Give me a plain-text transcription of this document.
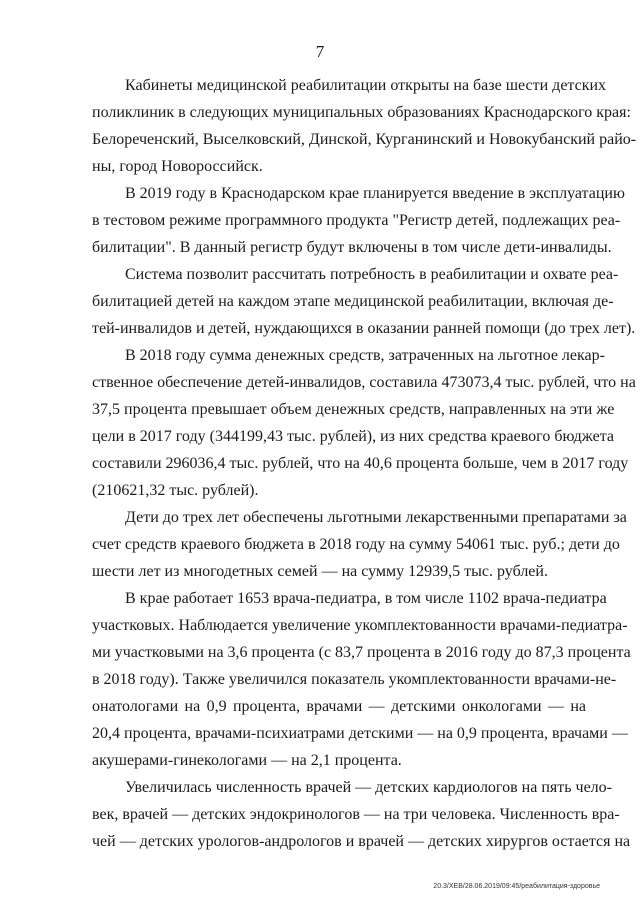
7
Кабинеты медицинской реабилитации открыты на базе шести детских
поликлиник в следующих муниципальных образованиях Краснодарского края:
Белореченский, Выселковский, Динской, Курганинский и Новокубанский райо-
ны, город Новороссийск.
В 2019 году в Краснодарском крае планируется введение в эксплуатацию
в тестовом режиме программного продукта "Регистр детей, подлежащих реа-
билитации". В данный регистр будут включены в том числе дети-инвалиды.
Система позволит рассчитать потребность в реабилитации и охвате реа-
билитацией детей на каждом этапе медицинской реабилитации, включая де-
тей-инвалидов и детей, нуждающихся в оказании ранней помощи (до трех лет).
В 2018 году сумма денежных средств, затраченных на льготное лекар-
ственное обеспечение детей-инвалидов, составила 473073,4 тыс. рублей, что на
37,5 процента превышает объем денежных средств, направленных на эти же
цели в 2017 году (344199,43 тыс. рублей), из них средства краевого бюджета
составили 296036,4 тыс. рублей, что на 40,6 процента больше, чем в 2017 году
(210621,32 тыс. рублей).
Дети до трех лет обеспечены льготными лекарственными препаратами за
счет средств краевого бюджета в 2018 году на сумму 54061 тыс. руб.; дети до
шести лет из многодетных семей — на сумму 12939,5 тыс. рублей.
В крае работает 1653 врача-педиатра, в том числе 1102 врача-педиатра
участковых. Наблюдается увеличение укомплектованности врачами-педиатра-
ми участковыми на 3,6 процента (с 83,7 процента в 2016 году до 87,3 процента
в 2018 году). Также увеличился показатель укомплектованности врачами-не-
онатологами на 0,9 процента, врачами — детскими онкологами — на
20,4 процента, врачами-психиатрами детскими — на 0,9 процента, врачами —
акушерами-гинекологами — на 2,1 процента.
Увеличилась численность врачей — детских кардиологов на пять чело-
век, врачей — детских эндокринологов — на три человека. Численность вра-
чей — детских урологов-андрологов и врачей — детских хирургов остается на
20.3/ХЕВ/28.06.2019/09:45/реабилитация-здоровье
